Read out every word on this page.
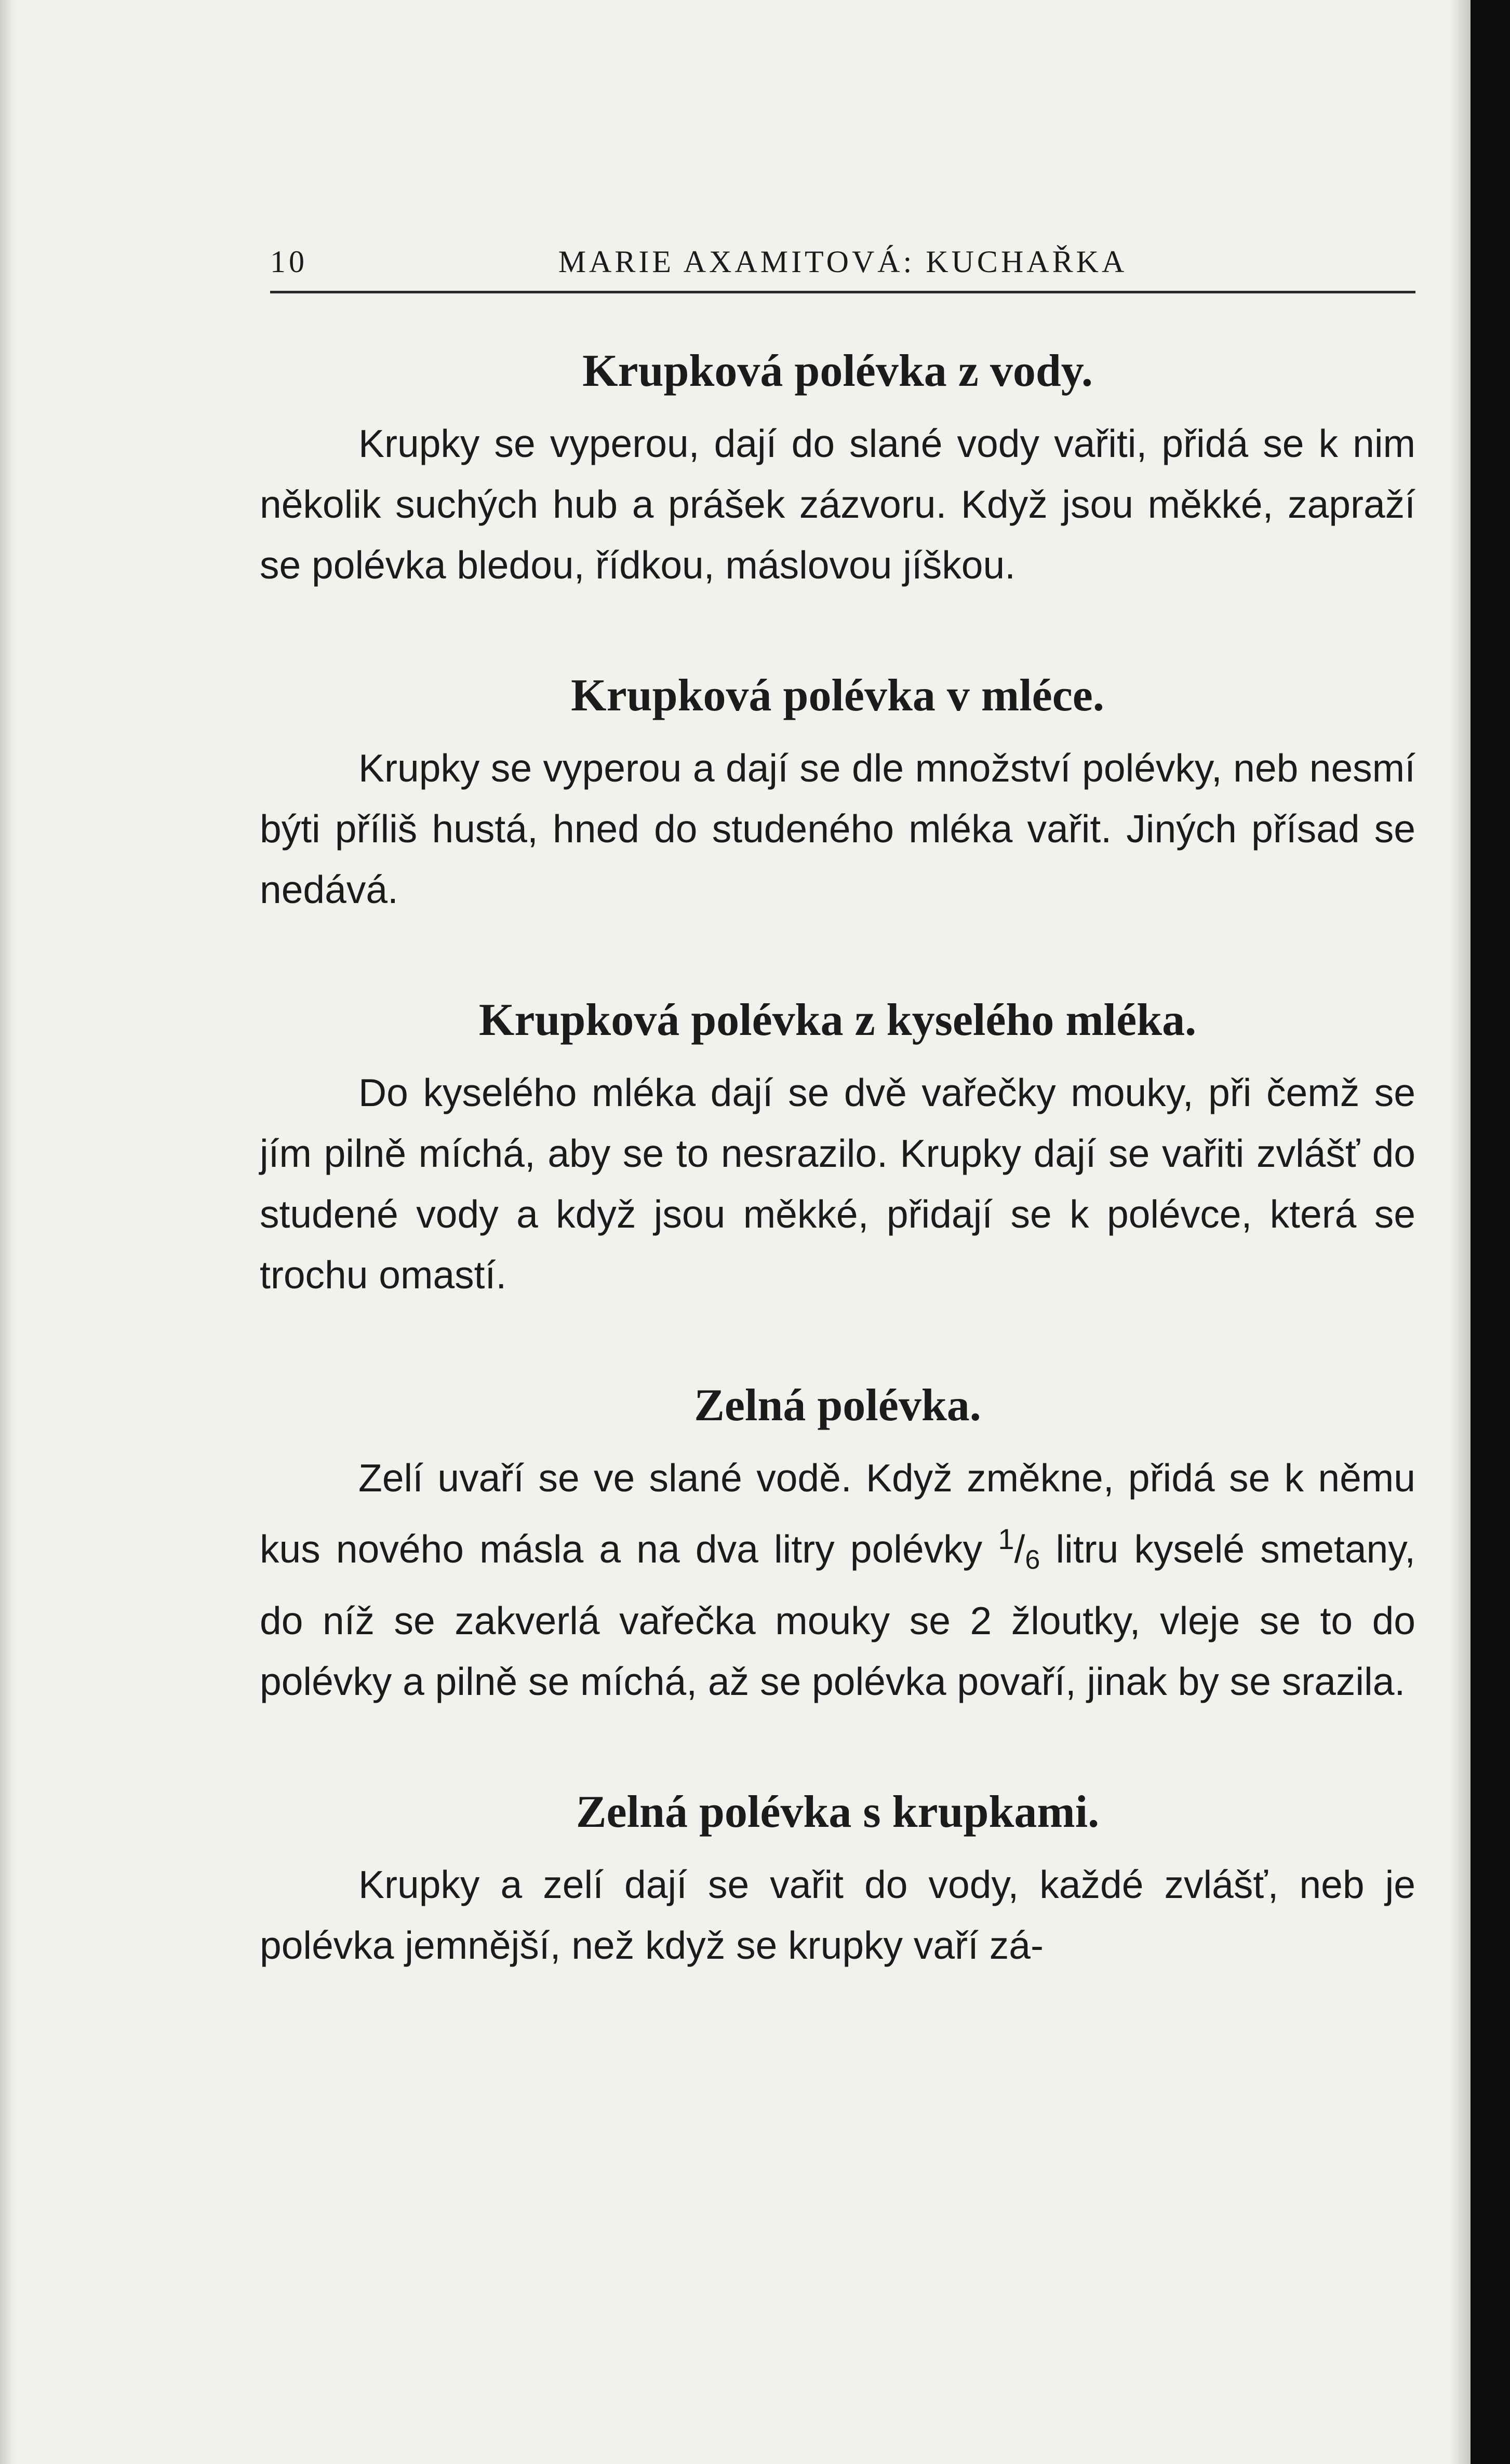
10	MARIE AXAMITOVÁ: KUCHAŘKA
Krupková polévka z vody.

Krupky se vyperou, dají do slané vody vařiti, přidá se k nim několik suchých hub a prášek zázvoru. Když jsou měkké, zapraží se polévka bledou, řídkou, máslovou jíškou.

Krupková polévka v mléce.

Krupky se vyperou a dají se dle množství polévky, neb nesmí býti příliš hustá, hned do studeného mléka vařit. Jiných přísad se nedává.

Krupková polévka z kyselého mléka.

Do kyselého mléka dají se dvě vařečky mouky, při čemž se jím pilně míchá, aby se to nesrazilo. Krupky dají se vařiti zvlášť do studené vody a když jsou měkké, přidají se k polévce, která se trochu omastí.

Zelná polévka.

Zelí uvaří se ve slané vodě. Když změkne, přidá se k němu kus nového másla a na dva litry polévky $^1$/6 litru kyselé smetany, do níž se zakverlá vařečka mouky se 2 žloutky, vleje se to do polévky a pilně se míchá, až se polévka povaří, jinak by se srazila.

Zelná polévka s krupkami.

Krupky a zelí dají se vařit do vody, každé zvlášť, neb je polévka jemnější, než když se krupky vaří zá-
